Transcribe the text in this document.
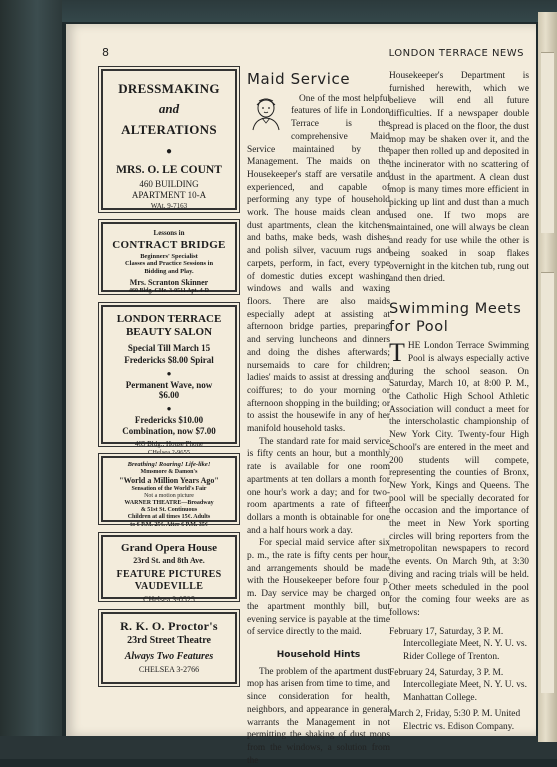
8	LONDON TERRACE NEWS
DRESSMAKING
and
ALTERATIONS
●
MRS. O. LE COUNT
460 BUILDING
APARTMENT 10-A
WAt. 9-7163
Lessons in
CONTRACT BRIDGE
Beginners' Specialist
Classes and Practice Sessions in
Bidding and Play.
Mrs. Scranton Skinner
460 Bldg. CHe. 3-0511 Apt. 4-D
LONDON TERRACE
BEAUTY SALON
Special Till March 15
Fredericks $8.00 Spiral
●
Permanent Wave, now
$6.00
●
Fredericks $10.00
Combination, now $7.00
465 Bldg., House Phone
CHelsea 2-9655
Breathing! Roaring! Life-like!
Mmsmore & Damon's
"World a Million Years Ago"
Sensation of the World's Fair
Not a motion picture
WARNER THEATRE—Broadway
& 51st St. Continuous
Children at all times 15¢. Adults
to 6 P.M. 25¢. After 6 P.M. 35¢
Grand Opera House
23rd St. and 8th Ave.
FEATURE PICTURES
VAUDEVILLE
CHelsea 3-0525
R. K. O. Proctor's
23rd Street Theatre
Always Two Features
CHELSEA 3-2766
Maid Service

One of the most helpful features of life in London Terrace is the comprehensive Maid Service maintained by the Management. The maids on the Housekeeper's staff are versatile and experienced, and capable of performing any type of household work. The house maids clean and dust apartments, clean the kitchens and baths, make beds, wash dishes and polish silver, vacuum rugs and carpets, perform, in fact, every type of domestic duties except washing windows and walls and waxing floors. There are also maids especially adept at assisting at afternoon bridge parties, preparing and serving luncheons and dinners and doing the dishes afterwards; nursemaids to care for children; ladies' maids to assist at dressing and coiffures; to do your morning or afternoon shopping in the building; or to assist the housewife in any of her manifold household tasks.

The standard rate for maid service is fifty cents an hour, but a monthly rate is available for one room apartments at ten dollars a month for one hour's work a day; and for two-room apartments a rate of fifteen dollars a month is obtainable for one and a half hours work a day.

For special maid service after six p. m., the rate is fifty cents per hour, and arrangements should be made with the Housekeeper before four p. m. Day service may be charged on the apartment monthly bill, but evening service is payable at the time of service directly to the maid.

Household Hints

The problem of the apartment dust mop has arisen from time to time, and since consideration for health, neighbors, and appearance in general warrants the Management in not permitting the shaking of dust mops from the windows, a solution from the

Housekeeper's Department is furnished herewith, which we believe will end all future difficulties. If a newspaper double spread is placed on the floor, the dust mop may be shaken over it, and the paper then rolled up and deposited in the incinerator with no scattering of dust in the apartment. A clean dust mop is many times more efficient in picking up lint and dust than a much used one. If two mops are maintained, one will always be clean and ready for use while the other is being soaked in soap flakes overnight in the kitchen tub, rung out and then dried.

Swimming Meets for Pool

THE London Terrace Swimming Pool is always especially active during the school season. On Saturday, March 10, at 8:00 P. M., the Catholic High School Athletic Association will conduct a meet for the interscholastic championship of New York City. Twenty-four High School's are entered in the meet and 200 students will compete, representing the counties of Bronx, New York, Kings and Queens. The pool will be specially decorated for the occasion and the importance of the meet in New York sporting circles will bring reporters from the metropolitan newspapers to record the events. On March 9th, at 3:30 diving and racing trials will be held. Other meets scheduled in the pool for the coming four weeks are as follows:

February 17, Saturday, 3 P. M. Intercollegiate Meet, N. Y. U. vs. Rider College of Trenton.
February 24, Saturday, 3 P. M. Intercollegiate Meet, N. Y. U. vs. Manhattan College.
March 2, Friday, 5:30 P. M. United Electric vs. Edison Company.
